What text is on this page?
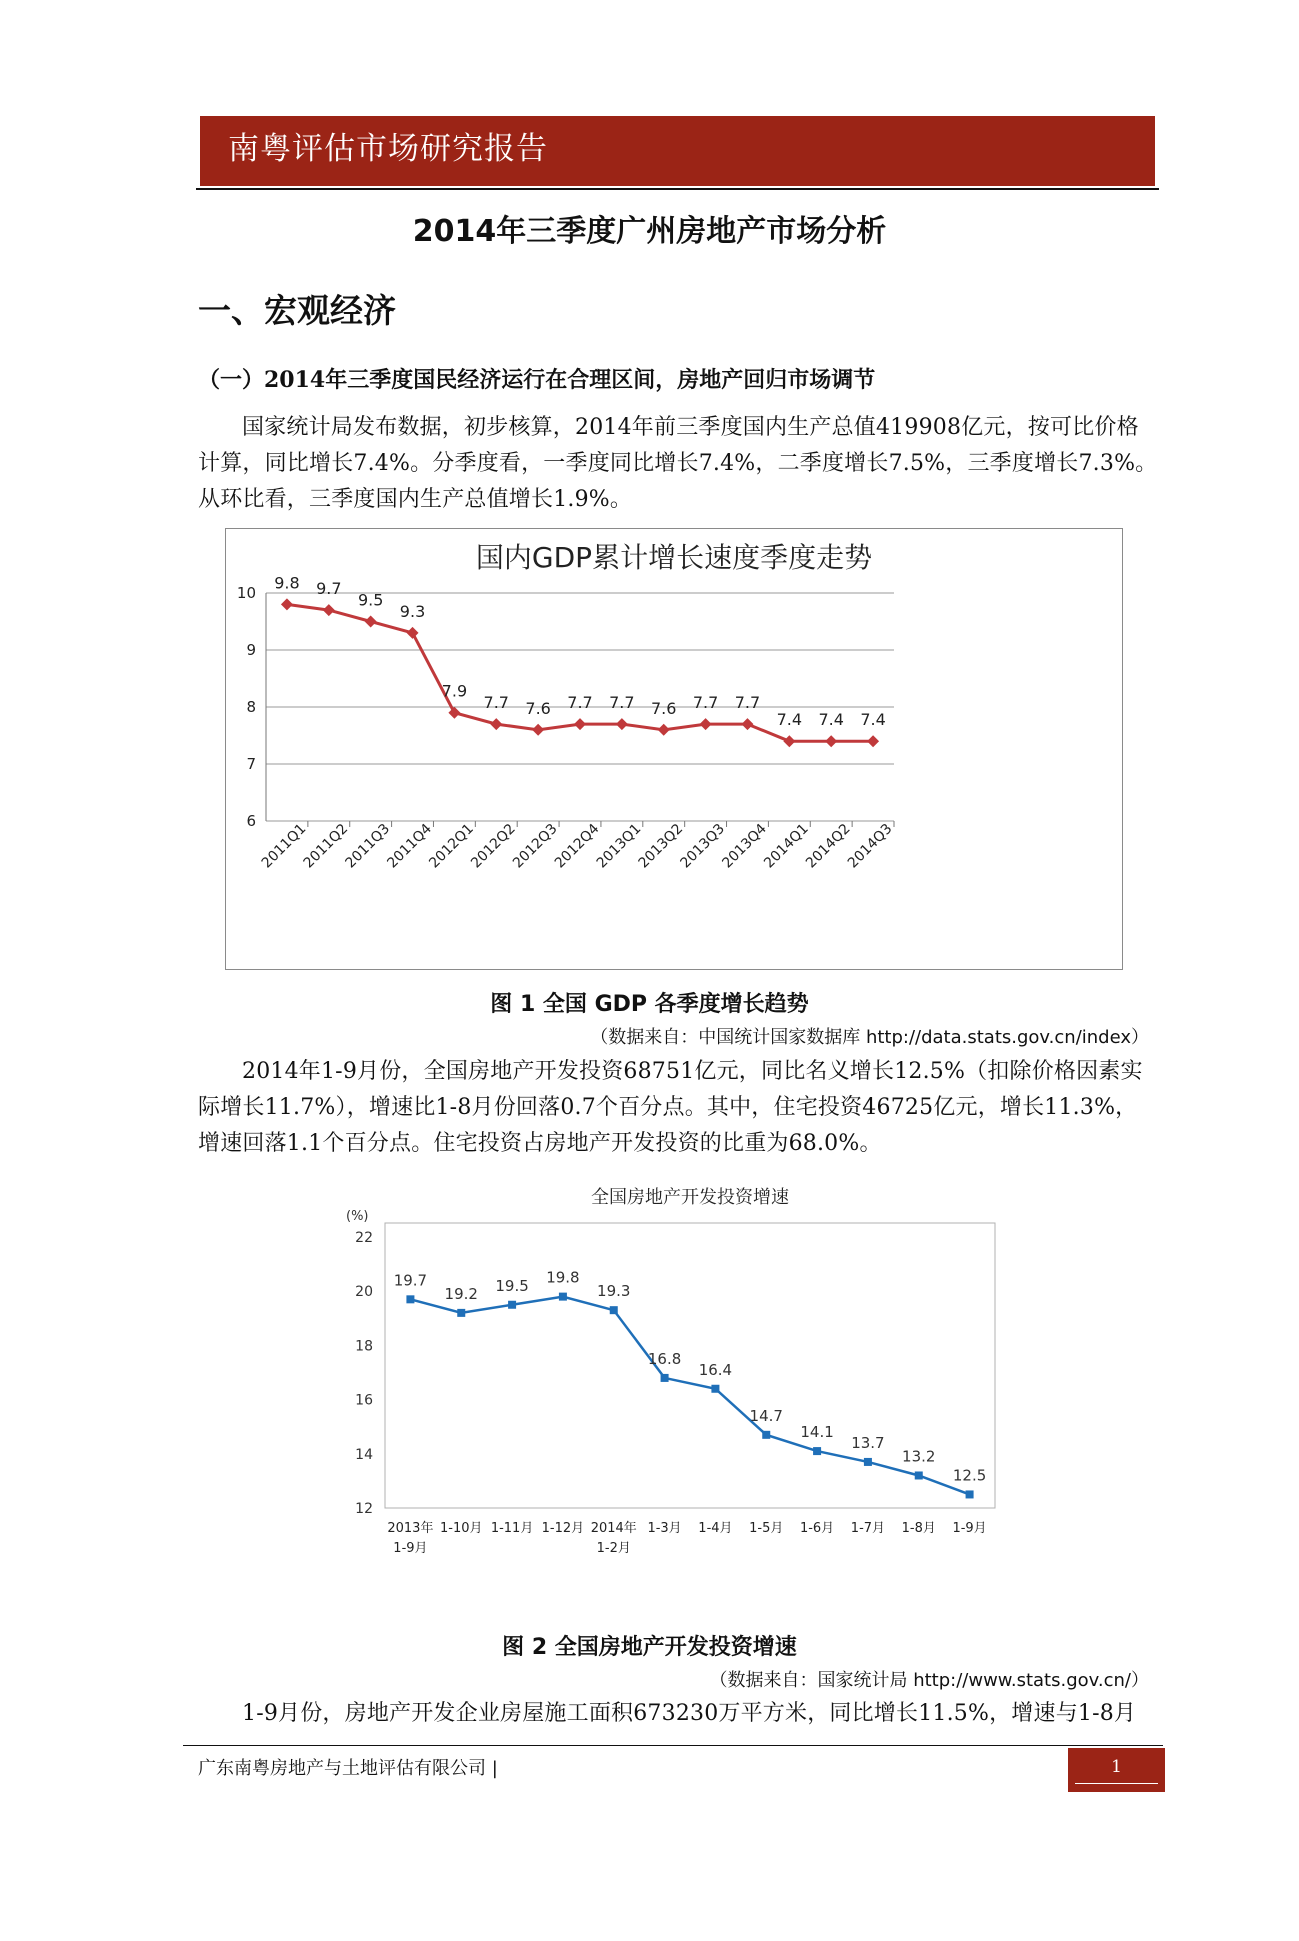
南粤评估市场研究报告
2014年三季度广州房地产市场分析
一、宏观经济
（一）2014年三季度国民经济运行在合理区间，房地产回归市场调节

国家统计局发布数据，初步核算，2014年前三季度国内生产总值419908亿元，按可比价格

计算，同比增长7.4%。分季度看，一季度同比增长7.4%，二季度增长7.5%，三季度增长7.3%。

从环比看，三季度国内生产总值增长1.9%。

6
7
8
9
10
2011Q1
2011Q2
2011Q3
2011Q4
2012Q1
2012Q2
2012Q3
2012Q4
2013Q1
2013Q2
2013Q3
2013Q4
2014Q1
2014Q2
2014Q3
9.8 9.7
9.5
9.3
7.9
7.7 7.6 7.7 7.7 7.6 7.7 7.7
7.4 7.4 7.4
国内GDP累计增长速度季度走势
图 1 全国 GDP 各季度增长趋势
（数据来自：中国统计国家数据库 http://data.stats.gov.cn/index）

2014年1-9月份，全国房地产开发投资68751亿元，同比名义增长12.5%（扣除价格因素实

际增长11.7%），增速比1-8月份回落0.7个百分点。其中，住宅投资46725亿元，增长11.3%，

增速回落1.1个百分点。住宅投资占房地产开发投资的比重为68.0%。

(%)
12
14
16
18
20
22
2013年
1-9月
1-10月 1-11月 1-12月 2014年
1-2月
1-3月 1-4月 1-5月 1-6月 1-7月 1-8月 1-9月
19.7
19.2 19.5 19.8
19.3
16.8
16.4
14.7
14.1
13.7
13.2
12.5
全国房地产开发投资增速
图 2 全国房地产开发投资增速
（数据来自：国家统计局 http://www.stats.gov.cn/）

1-9月份，房地产开发企业房屋施工面积673230万平方米，同比增长11.5%，增速与1-8月

广东南粤房地产与土地评估有限公司 |	1
